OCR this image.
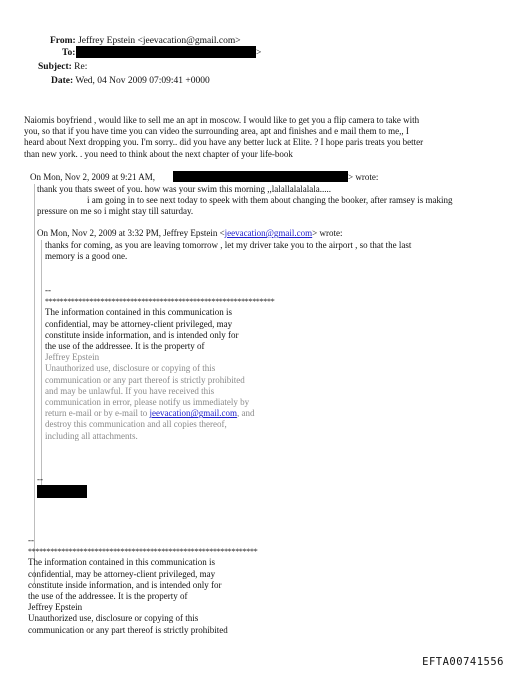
From: Jeffrey Epstein <jeevacation@gmail.com>
To:	>
Subject: Re:
Date: Wed, 04 Nov 2009 07:09:41 +0000
Naiomis boyfriend , would like to sell me an apt in moscow. I would like to get you a flip camera to take with
you, so that if you have time you can video the surrounding area, apt and finishes and e mail them to me,, I
heard about Next dropping you. I'm sorry.. did you have any better luck at Elite. ? I hope paris treats you better
than new york. . you need to think about the next chapter of your life-book
On Mon, Nov 2, 2009 at 9:21 AM,	> wrote:
thank you thats sweet of you. how was your swim this morning ,,lalallalalalala.....
i am going in to see next today to speek with them about changing the booker, after ramsey is making
pressure on me so i might stay till saturday.
On Mon, Nov 2, 2009 at 3:32 PM, Jeffrey Epstein <jeevacation@gmail.com> wrote:
thanks for coming, as you are leaving tomorrow , let my driver take you to the airport , so that the last
memory is a good one.
--
**************************************************************
The information contained in this communication is
confidential, may be attorney-client privileged, may
constitute inside information, and is intended only for
the use of the addressee. It is the property of
Jeffrey Epstein
Unauthorized use, disclosure or copying of this
communication or any part thereof is strictly prohibited
and may be unlawful. If you have received this
communication in error, please notify us immediately by
return e-mail or by e-mail to jeevacation@gmail.com, and
destroy this communication and all copies thereof,
including all attachments.
--
--
**************************************************************
The information contained in this communication is
confidential, may be attorney-client privileged, may
constitute inside information, and is intended only for
the use of the addressee. It is the property of
Jeffrey Epstein
Unauthorized use, disclosure or copying of this
communication or any part thereof is strictly prohibited
EFTA00741556
